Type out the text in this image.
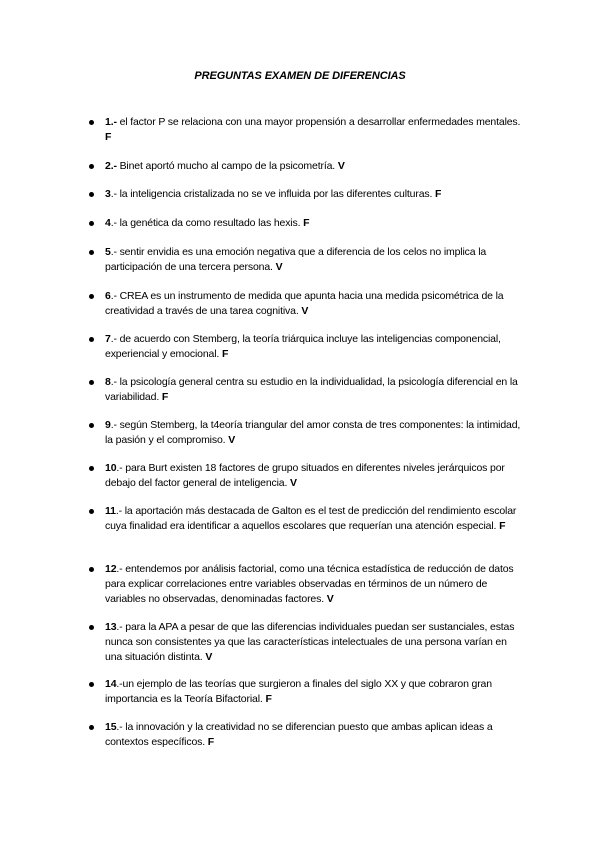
PREGUNTAS EXAMEN DE DIFERENCIAS
1.- el factor P se relaciona con una mayor propensión a desarrollar enfermedades mentales. F
2.- Binet aportó mucho al campo de la psicometría. V
3.- la inteligencia cristalizada no se ve influida por las diferentes culturas. F
4.- la genética da como resultado las hexis. F
5.- sentir envidia es una emoción negativa que a diferencia de los celos no implica la participación de una tercera persona. V
6.- CREA es un instrumento de medida que apunta hacia una medida psicométrica de la creatividad a través de una tarea cognitiva. V
7.- de acuerdo con Stemberg, la teoría triárquica incluye las inteligencias componencial, experiencial y emocional. F
8.- la psicología general centra su estudio en la individualidad, la psicología diferencial en la variabilidad. F
9.- según Stemberg, la t4eoría triangular del amor consta de tres componentes: la intimidad, la pasión y el compromiso. V
10.- para Burt existen 18 factores de grupo situados en diferentes niveles jerárquicos por debajo del factor general de inteligencia. V
11.- la aportación más destacada de Galton es el test de predicción del rendimiento escolar cuya finalidad era identificar a aquellos escolares que requerían una atención especial. F
12.- entendemos por análisis factorial, como una técnica estadística de reducción de datos para explicar correlaciones entre variables observadas en términos de un número de variables no observadas, denominadas factores. V
13.- para la APA a pesar de que las diferencias individuales puedan ser sustanciales, estas nunca son consistentes ya que las características intelectuales de una persona varían en una situación distinta. V
14.-un ejemplo de las teorías que surgieron a finales del siglo XX y que cobraron gran importancia es la Teoría Bifactorial. F
15.- la innovación y la creatividad no se diferencian puesto que ambas aplican ideas a contextos específicos. F
